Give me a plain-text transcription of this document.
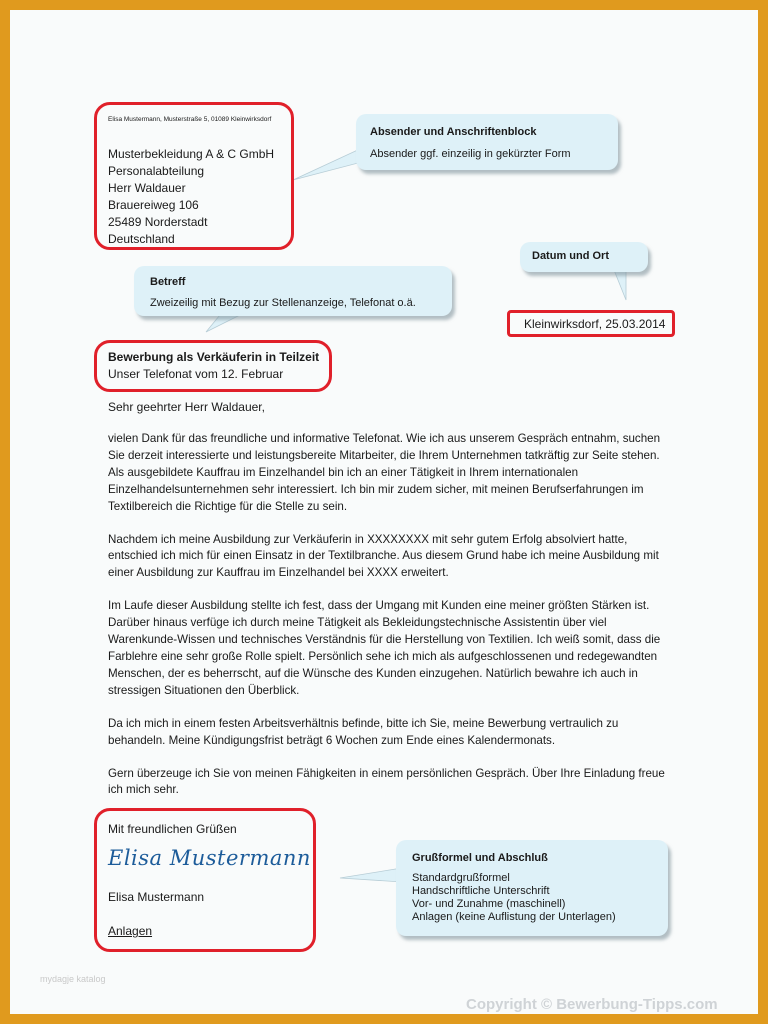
Elisa Mustermann, Musterstraße 5, 01089 Kleinwirksdorf
Musterbekleidung A & C GmbH
Personalabteilung
Herr Waldauer
Brauereiweg 106
25489 Norderstadt
Deutschland
Absender und Anschriftenblock
Absender ggf. einzeilig in gekürzter Form
Datum und Ort
Kleinwirksdorf, 25.03.2014
Betreff
Zweizeilig mit Bezug zur Stellenanzeige, Telefonat o.ä.
Bewerbung als Verkäuferin in Teilzeit
Unser Telefonat vom 12. Februar
Sehr geehrter Herr Waldauer,

vielen Dank für das freundliche und informative Telefonat. Wie ich aus unserem Gespräch entnahm, suchen Sie derzeit interessierte und leistungsbereite Mitarbeiter, die Ihrem Unternehmen tatkräftig zur Seite stehen. Als ausgebildete Kauffrau im Einzelhandel bin ich an einer Tätigkeit in Ihrem internationalen Einzelhandelsunternehmen sehr interessiert. Ich bin mir zudem sicher, mit meinen Berufserfahrungen im Textilbereich die Richtige für die Stelle zu sein.

Nachdem ich meine Ausbildung zur Verkäuferin in XXXXXXXX mit sehr gutem Erfolg absolviert hatte, entschied ich mich für einen Einsatz in der Textilbranche. Aus diesem Grund habe ich meine Ausbildung mit einer Ausbildung zur Kauffrau im Einzelhandel bei XXXX erweitert.

Im Laufe dieser Ausbildung stellte ich fest, dass der Umgang mit Kunden eine meiner größten Stärken ist. Darüber hinaus verfüge ich durch meine Tätigkeit als Bekleidungstechnische Assistentin über viel Warenkunde-Wissen und technisches Verständnis für die Herstellung von Textilien. Ich weiß somit, dass die Farblehre eine sehr große Rolle spielt. Persönlich sehe ich mich als aufgeschlossenen und redegewandten Menschen, der es beherrscht, auf die Wünsche des Kunden einzugehen. Natürlich bewahre ich auch in stressigen Situationen den Überblick.

Da ich mich in einem festen Arbeitsverhältnis befinde, bitte ich Sie, meine Bewerbung vertraulich zu behandeln. Meine Kündigungsfrist beträgt 6 Wochen zum Ende eines Kalendermonats.

Gern überzeuge ich Sie von meinen Fähigkeiten in einem persönlichen Gespräch. Über Ihre Einladung freue ich mich sehr.

Mit freundlichen Grüßen
Elisa Mustermann
Elisa Mustermann
Anlagen
Grußformel und Abschluß
Standardgrußformel
Handschriftliche Unterschrift
Vor- und Zunahme (maschinell)
Anlagen (keine Auflistung der Unterlagen)
mydagje katalog
Copyright © Bewerbung-Tipps.com
